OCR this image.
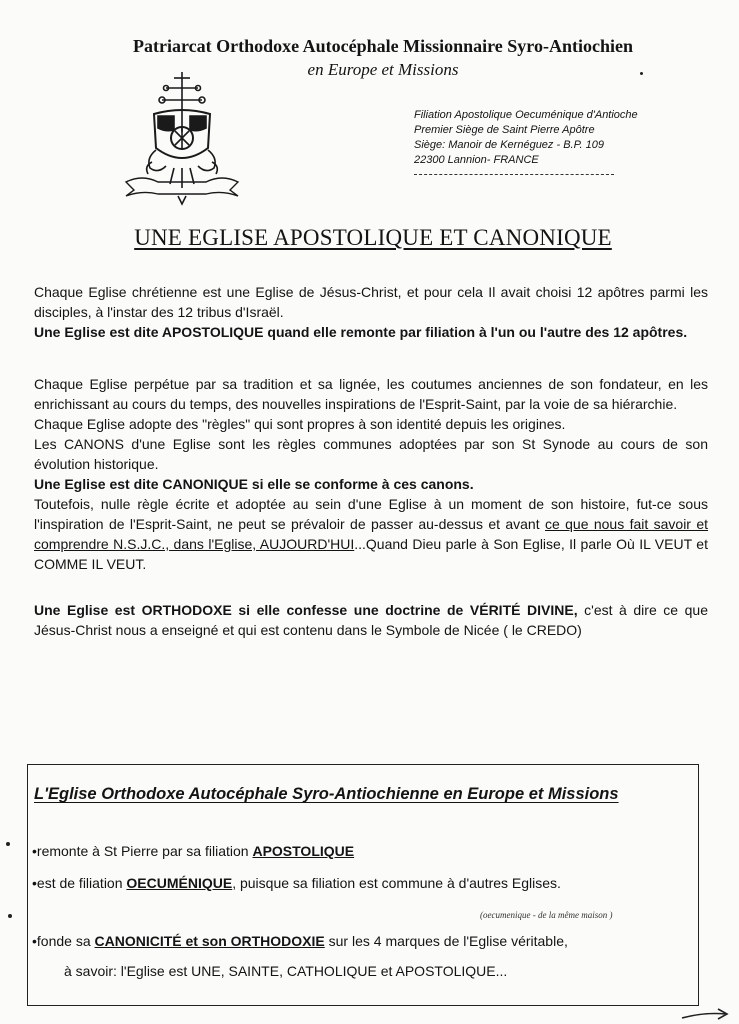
Patriarcat Orthodoxe Autocéphale Missionnaire Syro-Antiochien
en Europe et Missions
Filiation Apostolique Oecuménique d'Antioche
Premier Siège de Saint Pierre Apôtre
Siège: Manoir de Kernéguez - B.P. 109
22300 Lannion- FRANCE
UNE EGLISE APOSTOLIQUE ET CANONIQUE

Chaque Eglise chrétienne est une Eglise de Jésus-Christ, et pour cela Il avait choisi 12 apôtres parmi les disciples, à l'instar des 12 tribus d'Israël.

Une Eglise est dite APOSTOLIQUE quand elle remonte par filiation à l'un ou l'autre des 12 apôtres.

Chaque Eglise perpétue par sa tradition et sa lignée, les coutumes anciennes de son fondateur, en les enrichissant au cours du temps, des nouvelles inspirations de l'Esprit-Saint, par la voie de sa hiérarchie.

Chaque Eglise adopte des "règles" qui sont propres à son identité depuis les origines.

Les CANONS d'une Eglise sont les règles communes adoptées par son St Synode au cours de son évolution historique.

Une Eglise est dite CANONIQUE si elle se conforme à ces canons.

Toutefois, nulle règle écrite et adoptée au sein d'une Eglise à un moment de son histoire, fut-ce sous l'inspiration de l'Esprit-Saint, ne peut se prévaloir de passer au-dessus et avant ce que nous fait savoir et comprendre N.S.J.C., dans l'Eglise, AUJOURD'HUI...Quand Dieu parle à Son Eglise, Il parle Où IL VEUT et COMME IL VEUT.

Une Eglise est ORTHODOXE si elle confesse une doctrine de VÉRITÉ DIVINE, c'est à dire ce que Jésus-Christ nous a enseigné et qui est contenu dans le Symbole de Nicée ( le CREDO)

L'Eglise Orthodoxe Autocéphale Syro-Antiochienne en Europe et Missions
•remonte à St Pierre par sa filiation APOSTOLIQUE
•est de filiation OECUMÉNIQUE, puisque sa filiation est commune à d'autres Eglises.
(oecumenique - de la même maison )
•fonde sa CANONICITÉ et son ORTHODOXIE sur les 4 marques de l'Eglise véritable,
à savoir: l'Eglise est UNE, SAINTE, CATHOLIQUE et APOSTOLIQUE...
